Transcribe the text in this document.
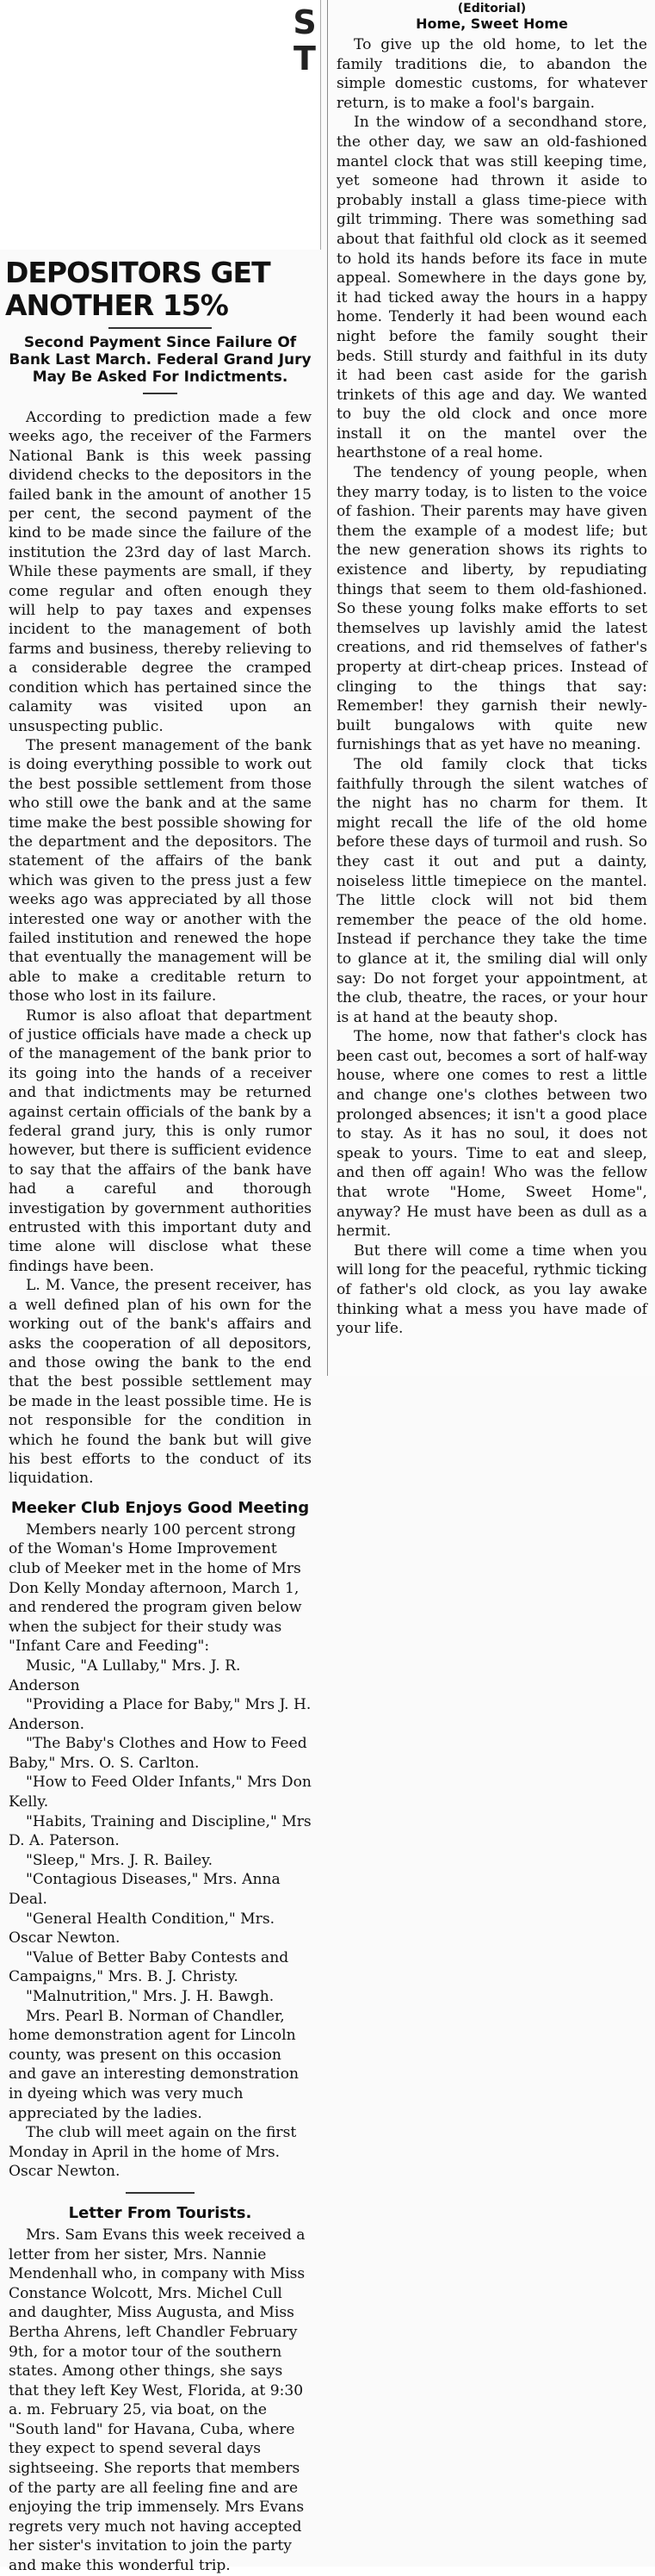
S
T
(Editorial)
Home, Sweet Home

To give up the old home, to let the family traditions die, to abandon the simple domestic customs, for whatever return, is to make a fool's bargain.

In the window of a secondhand store, the other day, we saw an old-fashioned mantel clock that was still keeping time, yet someone had thrown it aside to probably install a glass time-piece with gilt trimming. There was something sad about that faithful old clock as it seemed to hold its hands before its face in mute appeal. Somewhere in the days gone by, it had ticked away the hours in a happy home. Tenderly it had been wound each night before the family sought their beds. Still sturdy and faithful in its duty it had been cast aside for the garish trinkets of this age and day. We wanted to buy the old clock and once more install it on the mantel over the hearthstone of a real home.

The tendency of young people, when they marry today, is to listen to the voice of fashion. Their parents may have given them the example of a modest life; but the new generation shows its rights to existence and liberty, by repudiating things that seem to them old-fashioned. So these young folks make efforts to set themselves up lavishly amid the latest creations, and rid themselves of father's property at dirt-cheap prices. Instead of clinging to the things that say: Remember! they garnish their newly-built bungalows with quite new furnishings that as yet have no meaning.

The old family clock that ticks faithfully through the silent watches of the night has no charm for them. It might recall the life of the old home before these days of turmoil and rush. So they cast it out and put a dainty, noiseless little timepiece on the mantel. The little clock will not bid them remember the peace of the old home. Instead if perchance they take the time to glance at it, the smiling dial will only say: Do not forget your appointment, at the club, theatre, the races, or your hour is at hand at the beauty shop.

The home, now that father's clock has been cast out, becomes a sort of half-way house, where one comes to rest a little and change one's clothes between two prolonged absences; it isn't a good place to stay. As it has no soul, it does not speak to yours. Time to eat and sleep, and then off again! Who was the fellow that wrote "Home, Sweet Home", anyway? He must have been as dull as a hermit.

But there will come a time when you will long for the peaceful, rythmic ticking of father's old clock, as you lay awake thinking what a mess you have made of your life.

DEPOSITORS GET ANOTHER 15%
Second Payment Since Failure Of Bank Last March. Federal Grand Jury May Be Asked For Indictments.

According to prediction made a few weeks ago, the receiver of the Farmers National Bank is this week passing dividend checks to the depositors in the failed bank in the amount of another 15 per cent, the second payment of the kind to be made since the failure of the institution the 23rd day of last March. While these payments are small, if they come regular and often enough they will help to pay taxes and expenses incident to the management of both farms and business, thereby relieving to a considerable degree the cramped condition which has pertained since the calamity was visited upon an unsuspecting public.

The present management of the bank is doing everything possible to work out the best possible settlement from those who still owe the bank and at the same time make the best possible showing for the department and the depositors. The statement of the affairs of the bank which was given to the press just a few weeks ago was appreciated by all those interested one way or another with the failed institution and renewed the hope that eventually the management will be able to make a creditable return to those who lost in its failure.

Rumor is also afloat that department of justice officials have made a check up of the management of the bank prior to its going into the hands of a receiver and that indictments may be returned against certain officials of the bank by a federal grand jury, this is only rumor however, but there is sufficient evidence to say that the affairs of the bank have had a careful and thorough investigation by government authorities entrusted with this important duty and time alone will disclose what these findings have been.

L. M. Vance, the present receiver, has a well defined plan of his own for the working out of the bank's affairs and asks the cooperation of all depositors, and those owing the bank to the end that the best possible settlement may be made in the least possible time. He is not responsible for the condition in which he found the bank but will give his best efforts to the conduct of its liquidation.

Meeker Club Enjoys Good Meeting

Members nearly 100 percent strong of the Woman's Home Improvement club of Meeker met in the home of Mrs Don Kelly Monday afternoon, March 1, and rendered the program given below when the subject for their study was "Infant Care and Feeding":

Music, "A Lullaby," Mrs. J. R. Anderson

"Providing a Place for Baby," Mrs J. H. Anderson.

"The Baby's Clothes and How to Feed Baby," Mrs. O. S. Carlton.

"How to Feed Older Infants," Mrs Don Kelly.

"Habits, Training and Discipline," Mrs D. A. Paterson.

"Sleep," Mrs. J. R. Bailey.

"Contagious Diseases," Mrs. Anna Deal.

"General Health Condition," Mrs. Oscar Newton.

"Value of Better Baby Contests and Campaigns," Mrs. B. J. Christy.

"Malnutrition," Mrs. J. H. Bawgh.

Mrs. Pearl B. Norman of Chandler, home demonstration agent for Lincoln county, was present on this occasion and gave an interesting demonstration in dyeing which was very much appreciated by the ladies.

The club will meet again on the first Monday in April in the home of Mrs. Oscar Newton.

Letter From Tourists.

Mrs. Sam Evans this week received a letter from her sister, Mrs. Nannie Mendenhall who, in company with Miss Constance Wolcott, Mrs. Michel Cull and daughter, Miss Augusta, and Miss Bertha Ahrens, left Chandler February 9th, for a motor tour of the southern states. Among other things, she says that they left Key West, Florida, at 9:30 a. m. February 25, via boat, on the "South land" for Havana, Cuba, where they expect to spend several days sightseeing. She reports that members of the party are all feeling fine and are enjoying the trip immensely. Mrs Evans regrets very much not having accepted her sister's invitation to join the party and make this wonderful trip.
